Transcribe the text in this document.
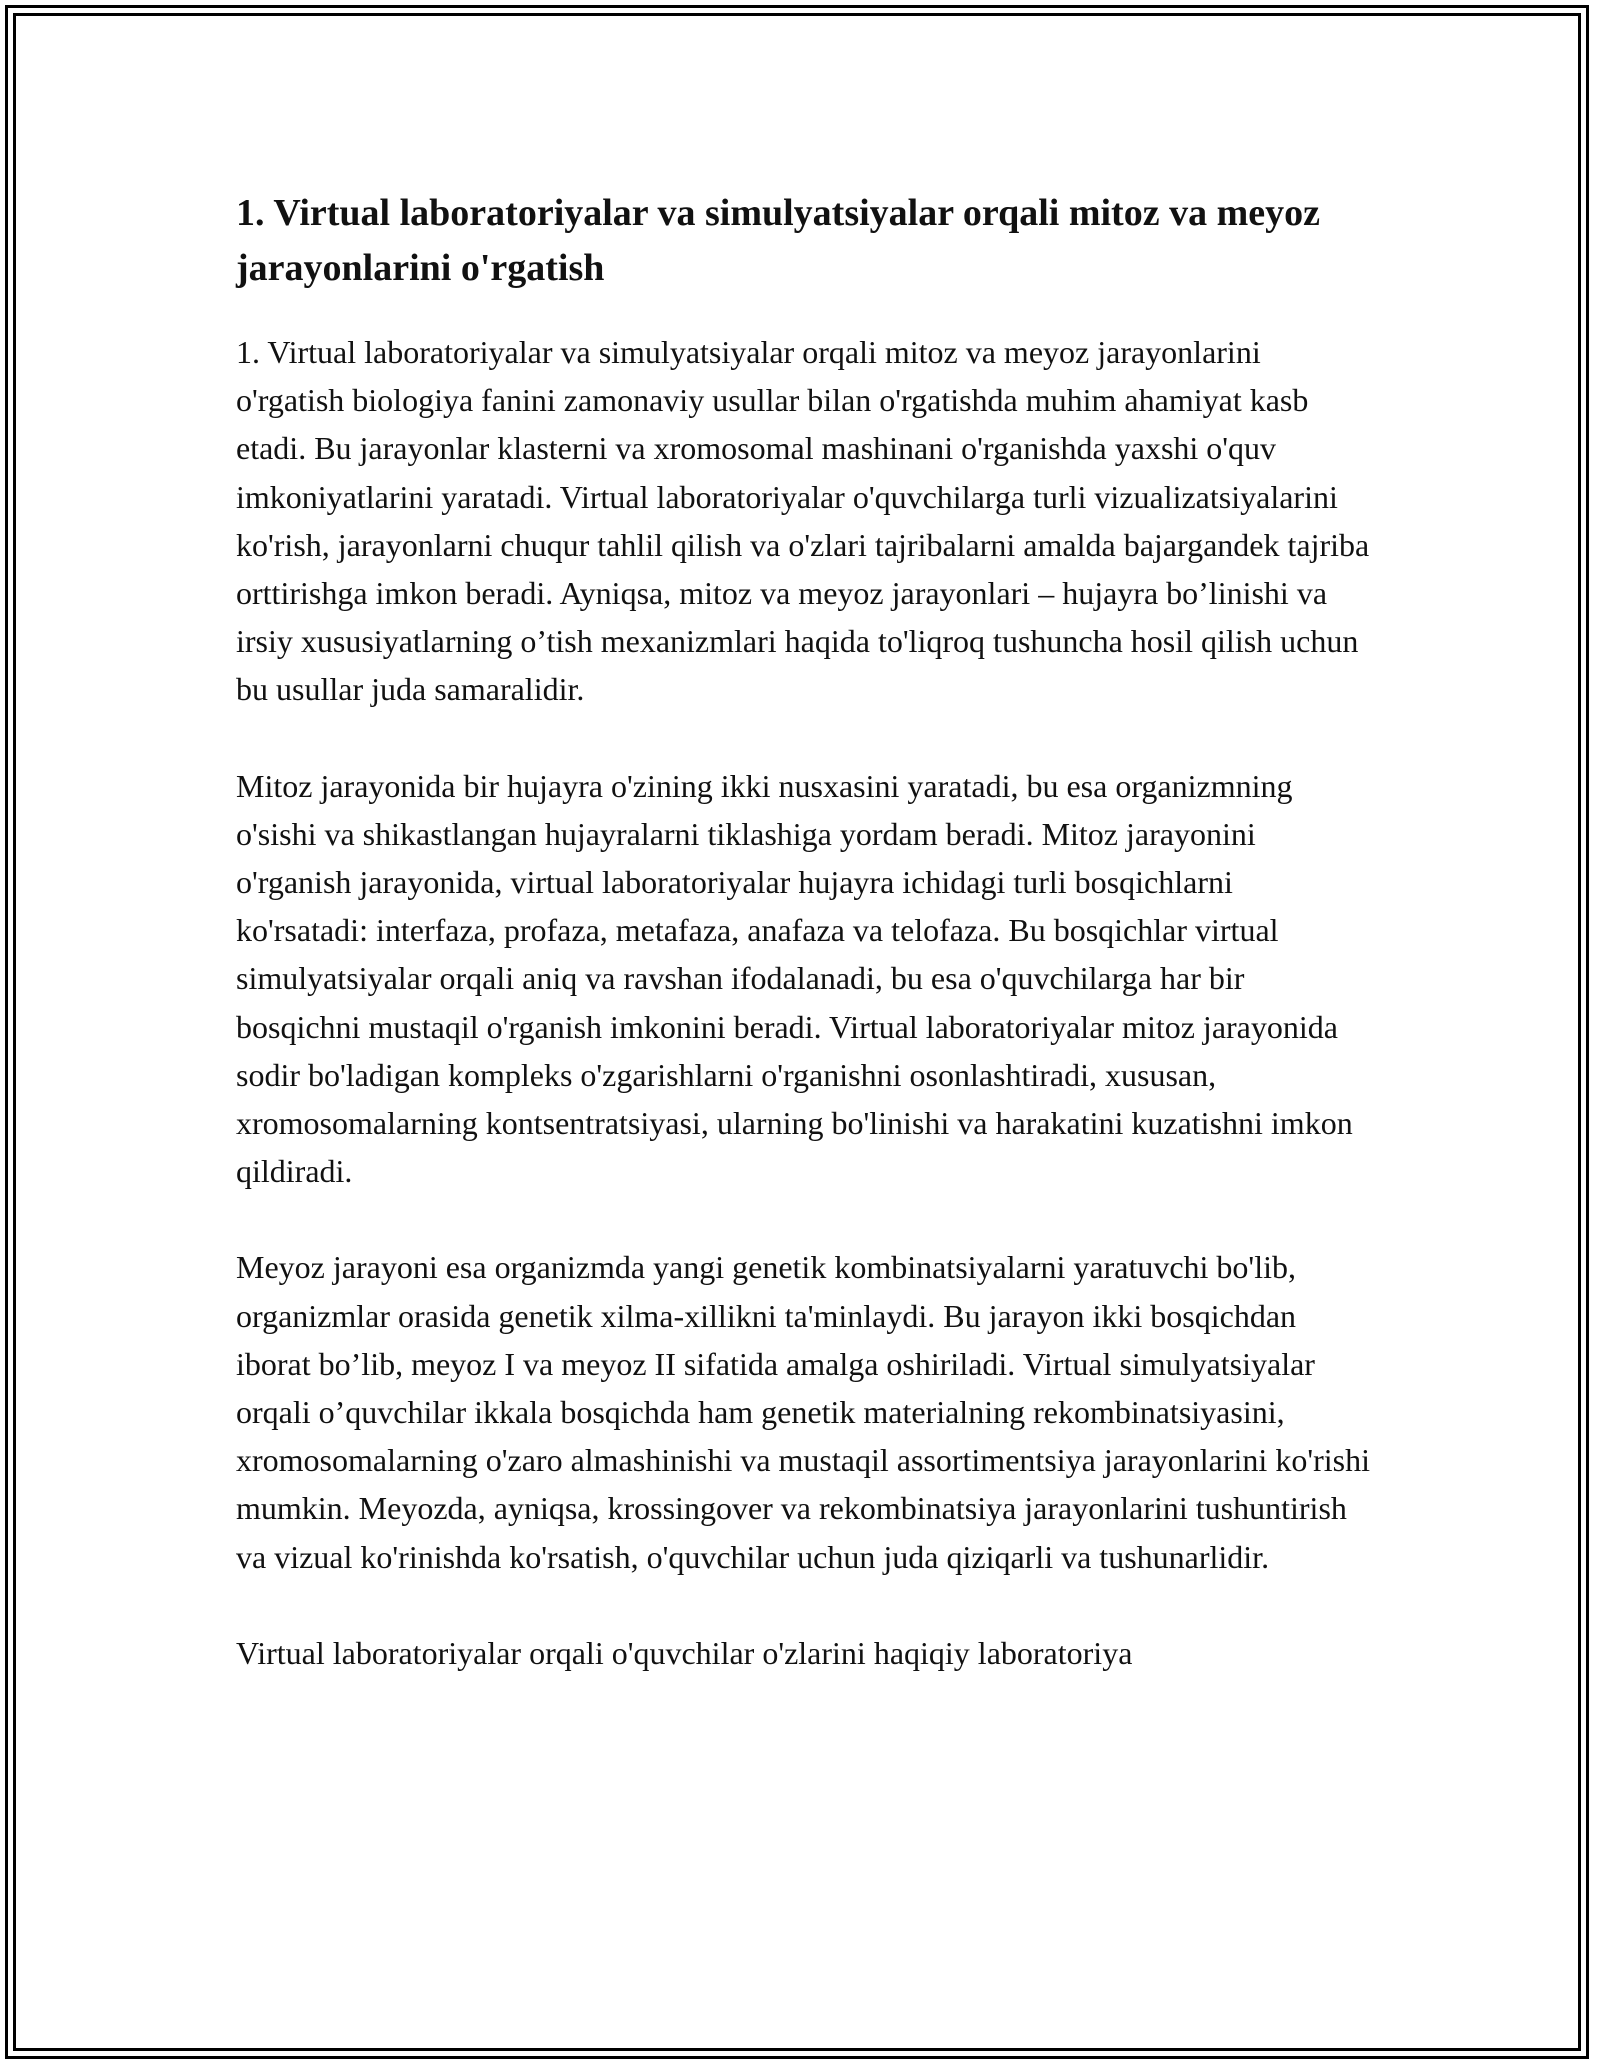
1. Virtual laboratoriyalar va simulyatsiyalar orqali mitoz va meyoz jarayonlarini o'rgatish

1. Virtual laboratoriyalar va simulyatsiyalar orqali mitoz va meyoz jarayonlarini o'rgatish biologiya fanini zamonaviy usullar bilan o'rgatishda muhim ahamiyat kasb etadi. Bu jarayonlar klasterni va xromosomal mashinani o'rganishda yaxshi o'quv imkoniyatlarini yaratadi. Virtual laboratoriyalar o'quvchilarga turli vizualizatsiyalarini ko'rish, jarayonlarni chuqur tahlil qilish va o'zlari tajribalarni amalda bajargandek tajriba orttirishga imkon beradi. Ayniqsa, mitoz va meyoz jarayonlari – hujayra bo’linishi va irsiy xususiyatlarning o’tish mexanizmlari haqida to'liqroq tushuncha hosil qilish uchun bu usullar juda samaralidir.

Mitoz jarayonida bir hujayra o'zining ikki nusxasini yaratadi, bu esa organizmning o'sishi va shikastlangan hujayralarni tiklashiga yordam beradi. Mitoz jarayonini o'rganish jarayonida, virtual laboratoriyalar hujayra ichidagi turli bosqichlarni ko'rsatadi: interfaza, profaza, metafaza, anafaza va telofaza. Bu bosqichlar virtual simulyatsiyalar orqali aniq va ravshan ifodalanadi, bu esa o'quvchilarga har bir bosqichni mustaqil o'rganish imkonini beradi. Virtual laboratoriyalar mitoz jarayonida sodir bo'ladigan kompleks o'zgarishlarni o'rganishni osonlashtiradi, xususan, xromosomalarning kontsentratsiyasi, ularning bo'linishi va harakatini kuzatishni imkon qildiradi.

Meyoz jarayoni esa organizmda yangi genetik kombinatsiyalarni yaratuvchi bo'lib, organizmlar orasida genetik xilma-xillikni ta'minlaydi. Bu jarayon ikki bosqichdan iborat bo’lib, meyoz I va meyoz II sifatida amalga oshiriladi. Virtual simulyatsiyalar orqali o’quvchilar ikkala bosqichda ham genetik materialning rekombinatsiyasini, xromosomalarning o'zaro almashinishi va mustaqil assortimentsiya jarayonlarini ko'rishi mumkin. Meyozda, ayniqsa, krossingover va rekombinatsiya jarayonlarini tushuntirish va vizual ko'rinishda ko'rsatish, o'quvchilar uchun juda qiziqarli va tushunarlidir.

Virtual laboratoriyalar orqali o'quvchilar o'zlarini haqiqiy laboratoriya
